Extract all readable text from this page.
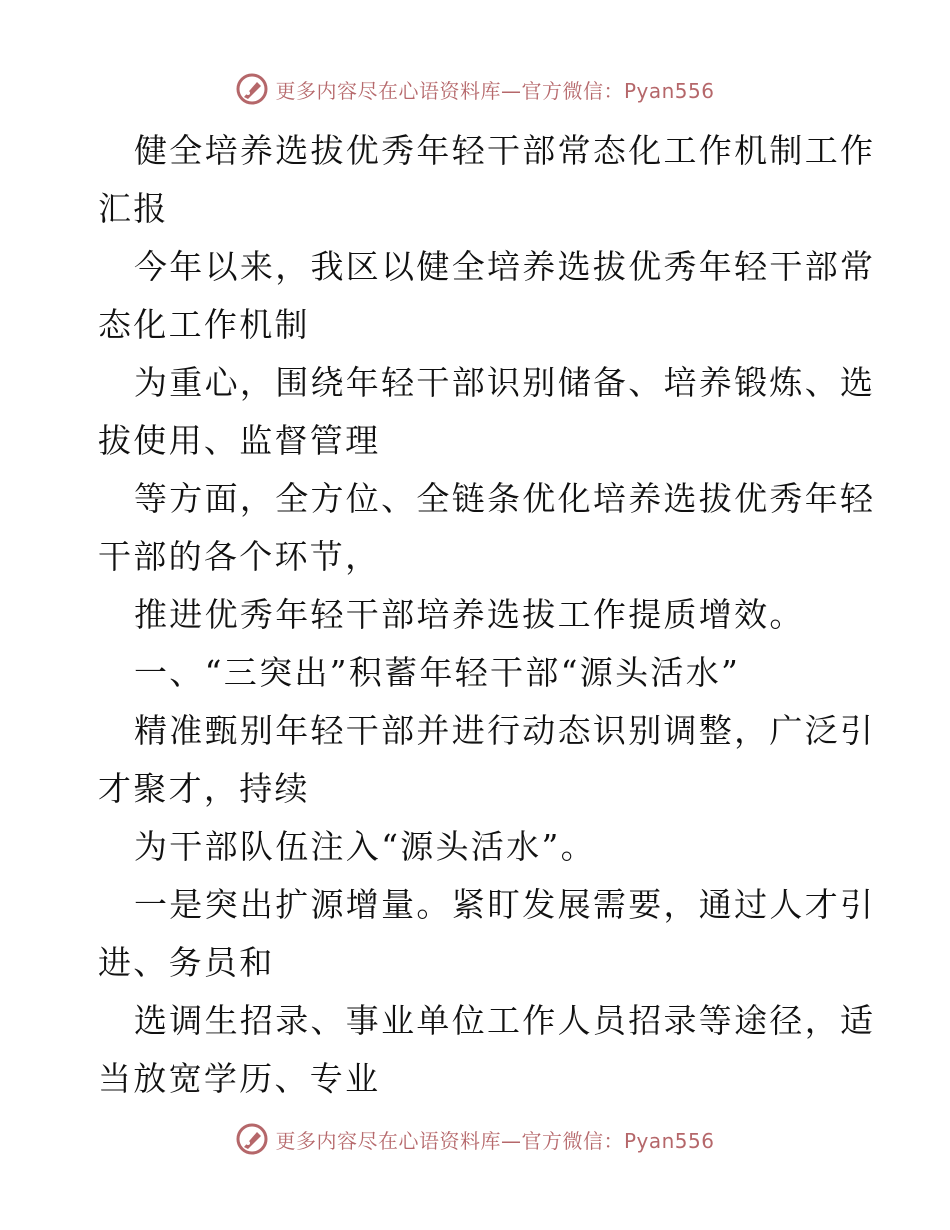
更多内容尽在心语资料库—官方微信：Pyan556
健全培养选拔优秀年轻干部常态化工作机制工作
汇报
今年以来，我区以健全培养选拔优秀年轻干部常
态化工作机制
为重心，围绕年轻干部识别储备、培养锻炼、选
拔使用、监督管理
等方面，全方位、全链条优化培养选拔优秀年轻
干部的各个环节，
推进优秀年轻干部培养选拔工作提质增效。
一、“三突出”积蓄年轻干部“源头活水”
精准甄别年轻干部并进行动态识别调整，广泛引
才聚才，持续
为干部队伍注入“源头活水”。
一是突出扩源增量。紧盯发展需要，通过人才引
进、务员和
选调生招录、事业单位工作人员招录等途径，适
当放宽学历、专业
更多内容尽在心语资料库—官方微信：Pyan556
